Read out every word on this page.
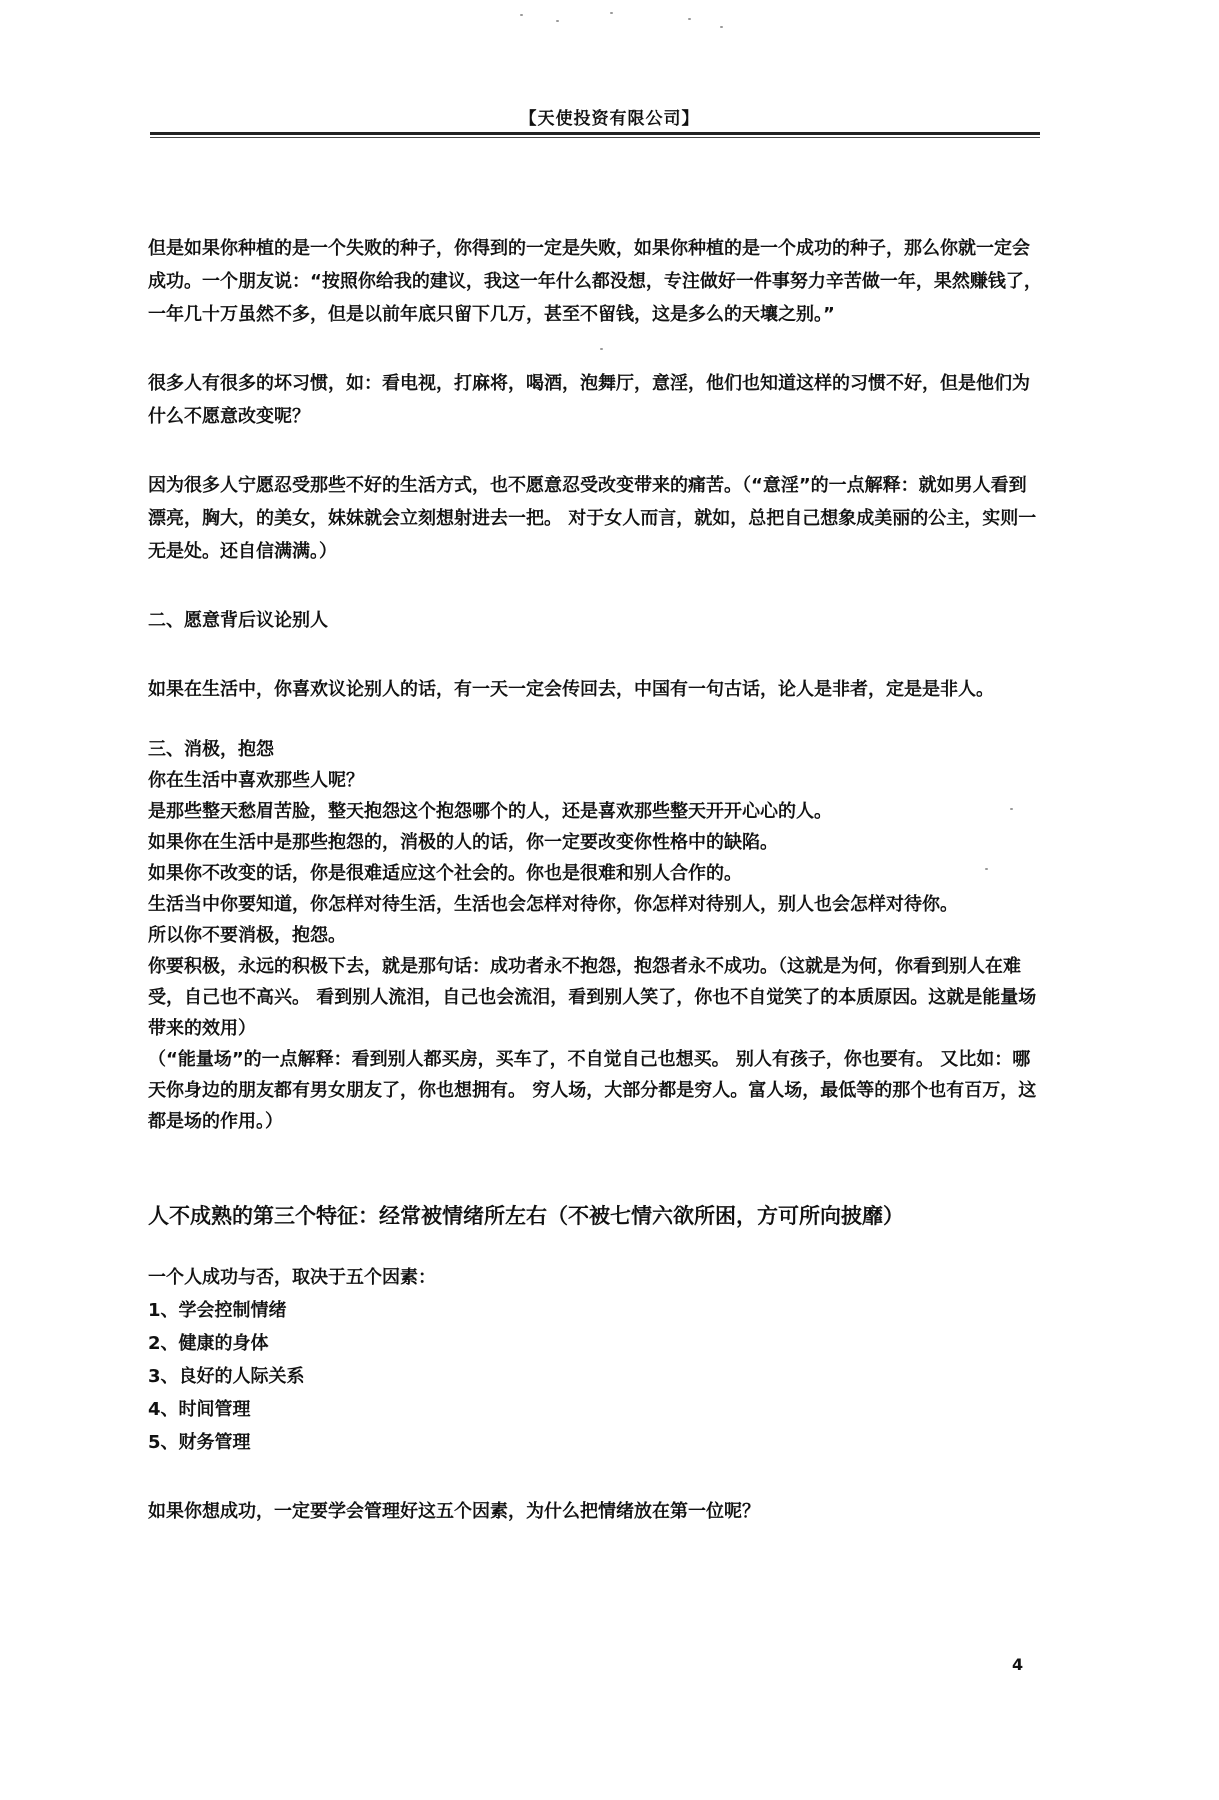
【天使投资有限公司】

但是如果你种植的是一个失败的种子，你得到的一定是失败，如果你种植的是一个成功的种子，那么你就一定会成功。一个朋友说：“按照你给我的建议，我这一年什么都没想，专注做好一件事努力辛苦做一年，果然赚钱了，一年几十万虽然不多，但是以前年底只留下几万，甚至不留钱，这是多么的天壤之别。”

很多人有很多的坏习惯，如：看电视，打麻将，喝酒，泡舞厅，意淫，他们也知道这样的习惯不好，但是他们为什么不愿意改变呢？

因为很多人宁愿忍受那些不好的生活方式，也不愿意忍受改变带来的痛苦。（“意淫”的一点解释：就如男人看到漂亮，胸大，的美女，妹妹就会立刻想射进去一把。 对于女人而言，就如，总把自己想象成美丽的公主，实则一无是处。还自信满满。）

二、愿意背后议论别人

如果在生活中，你喜欢议论别人的话，有一天一定会传回去，中国有一句古话，论人是非者，定是是非人。

三、消极，抱怨

你在生活中喜欢那些人呢？

是那些整天愁眉苦脸，整天抱怨这个抱怨哪个的人，还是喜欢那些整天开开心心的人。

如果你在生活中是那些抱怨的，消极的人的话，你一定要改变你性格中的缺陷。

如果你不改变的话，你是很难适应这个社会的。你也是很难和别人合作的。

生活当中你要知道，你怎样对待生活，生活也会怎样对待你，你怎样对待别人，别人也会怎样对待你。

所以你不要消极，抱怨。

你要积极，永远的积极下去，就是那句话：成功者永不抱怨，抱怨者永不成功。（这就是为何，你看到别人在难受，自己也不高兴。 看到别人流泪，自己也会流泪，看到别人笑了，你也不自觉笑了的本质原因。这就是能量场带来的效用）

（“能量场”的一点解释：看到别人都买房，买车了，不自觉自己也想买。 别人有孩子，你也要有。 又比如：哪天你身边的朋友都有男女朋友了，你也想拥有。 穷人场，大部分都是穷人。富人场，最低等的那个也有百万，这都是场的作用。）

人不成熟的第三个特征：经常被情绪所左右（不被七情六欲所困，方可所向披靡）

一个人成功与否，取决于五个因素：

1、学会控制情绪

2、健康的身体

3、良好的人际关系

4、时间管理

5、财务管理

如果你想成功，一定要学会管理好这五个因素，为什么把情绪放在第一位呢？

4
